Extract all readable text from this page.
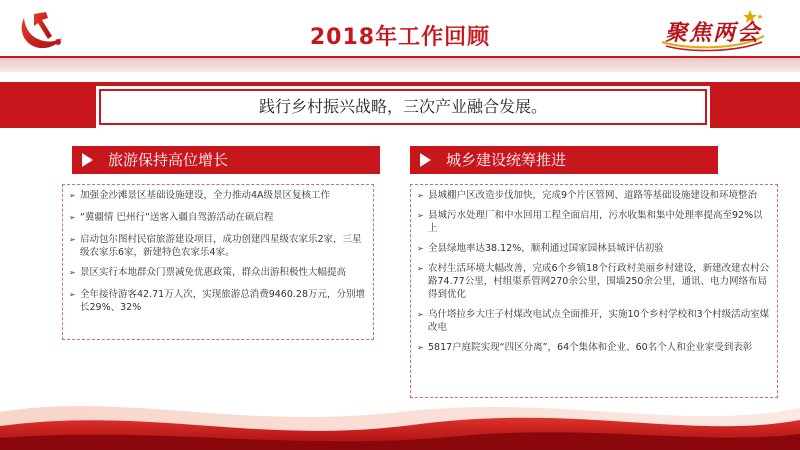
2018年工作回顾	聚焦两会
践行乡村振兴战略，三次产业融合发展。
旅游保持高位增长
➢ 加强金沙滩景区基础设施建设，全力推动4A级景区复核工作
➢ “冀疆情 巴州行”送客入疆自驾游活动在硕启程
➢ 启动包尔图村民宿旅游建设项目，成功创建四星级农家乐2家，三星级农家乐6家，新建特色农家乐4家。
➢ 景区实行本地群众门票减免优惠政策，群众出游积极性大幅提高
➢ 全年接待游客42.71万人次，实现旅游总消费9460.28万元，分别增长29%、32%
城乡建设统筹推进
➢ 县城棚户区改造步伐加快，完成9个片区管网、道路等基础设施建设和环境整治
➢ 县城污水处理厂和中水回用工程全面启用，污水收集和集中处理率提高至92%以上
➢ 全县绿地率达38.12%，顺利通过国家园林县城评估初验
➢ 农村生活环境大幅改善，完成6个乡镇18个行政村美丽乡村建设，新建改建农村公路74.77公里，村组渠系管网270余公里，围墙250余公里，通讯、电力网络布局得到优化
➢ 乌什塔拉乡大庄子村煤改电试点全面推开，实施10个乡村学校和3个村级活动室煤改电
➢ 5817户庭院实现“四区分离”，64个集体和企业、60名个人和企业家受到表彰
